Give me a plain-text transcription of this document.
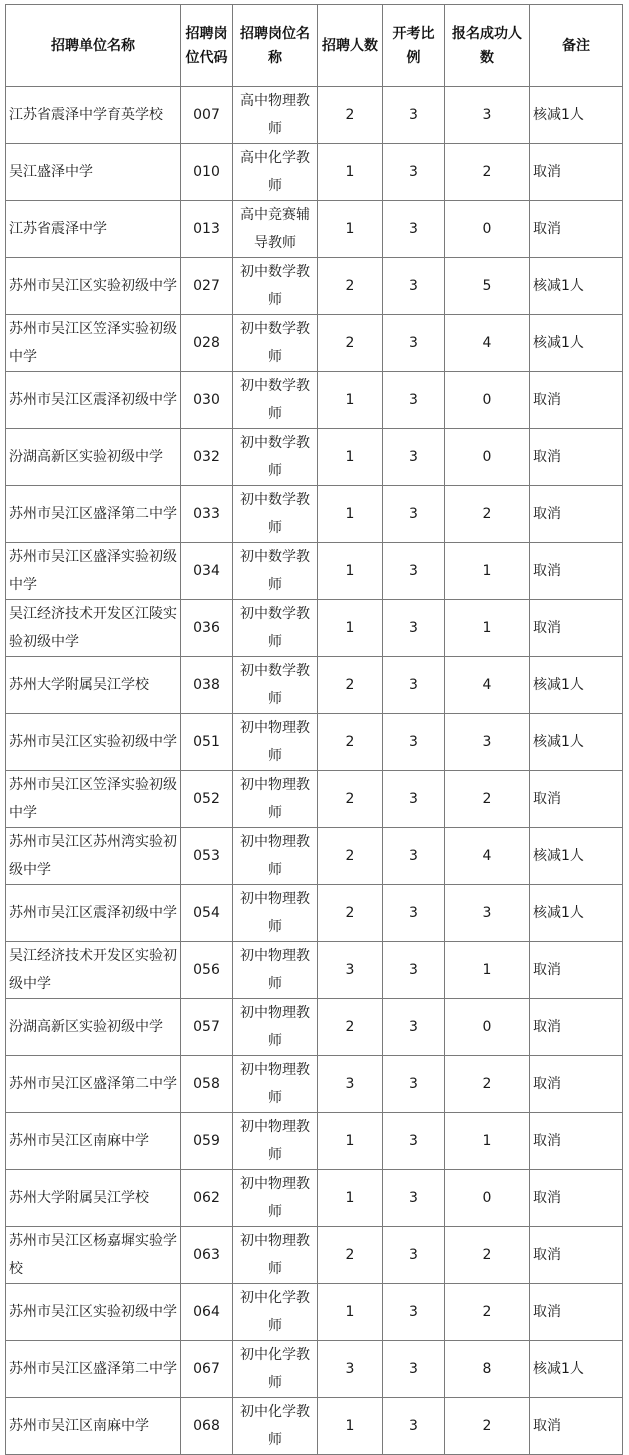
招聘单位名称	招聘岗位代码	招聘岗位名称	招聘人数	开考比例	报名成功人数	备注
江苏省震泽中学育英学校	007	高中物理教师	2	3	3	核减1人
吴江盛泽中学	010	高中化学教师	1	3	2	取消
江苏省震泽中学	013	高中竞赛辅导教师	1	3	0	取消
苏州市吴江区实验初级中学	027	初中数学教师	2	3	5	核减1人
苏州市吴江区笠泽实验初级中学	028	初中数学教师	2	3	4	核减1人
苏州市吴江区震泽初级中学	030	初中数学教师	1	3	0	取消
汾湖高新区实验初级中学	032	初中数学教师	1	3	0	取消
苏州市吴江区盛泽第二中学	033	初中数学教师	1	3	2	取消
苏州市吴江区盛泽实验初级中学	034	初中数学教师	1	3	1	取消
吴江经济技术开发区江陵实验初级中学	036	初中数学教师	1	3	1	取消
苏州大学附属吴江学校	038	初中数学教师	2	3	4	核减1人
苏州市吴江区实验初级中学	051	初中物理教师	2	3	3	核减1人
苏州市吴江区笠泽实验初级中学	052	初中物理教师	2	3	2	取消
苏州市吴江区苏州湾实验初级中学	053	初中物理教师	2	3	4	核减1人
苏州市吴江区震泽初级中学	054	初中物理教师	2	3	3	核减1人
吴江经济技术开发区实验初级中学	056	初中物理教师	3	3	1	取消
汾湖高新区实验初级中学	057	初中物理教师	2	3	0	取消
苏州市吴江区盛泽第二中学	058	初中物理教师	3	3	2	取消
苏州市吴江区南麻中学	059	初中物理教师	1	3	1	取消
苏州大学附属吴江学校	062	初中物理教师	1	3	0	取消
苏州市吴江区杨嘉墀实验学校	063	初中物理教师	2	3	2	取消
苏州市吴江区实验初级中学	064	初中化学教师	1	3	2	取消
苏州市吴江区盛泽第二中学	067	初中化学教师	3	3	8	核减1人
苏州市吴江区南麻中学	068	初中化学教师	1	3	2	取消
